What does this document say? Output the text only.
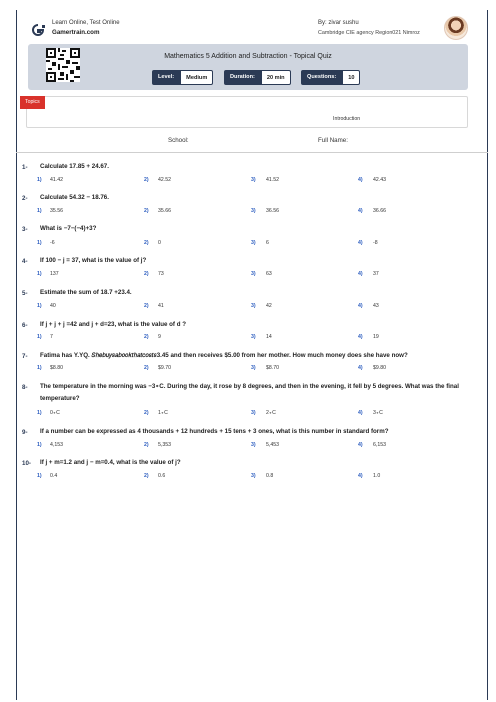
Learn Online, Test Online
Gamertrain.com
By: zivar sushu
Cambridge CIE agency Region021 Nimroz
Mathematics 5 Addition and Subtraction - Topical Quiz
Level:	Medium	Duration:	20 min	Questions:	10
Topics
Introduction
School:	Full Name:
1- Calculate 17.85 + 24.67.
1) 41.42	2) 42.52	3) 41.52	4) 42.43
2- Calculate 54.32 − 18.76.
1) 35.56	2) 35.66	3) 36.56	4) 36.66
3- What is −7−(−4)+3?
1) -6	2) 0	3) 6	4) -8
4- If 100 − j = 37, what is the value of j?
1) 137	2) 73	3) 63	4) 37
5- Estimate the sum of 18.7 +23.4.
1) 40	2) 41	3) 42	4) 43
6- If j + j + j =42 and j + d=23, what is the value of d ?
1) 7	2) 9	3) 14	4) 19
7- Fatima has Y.YQ. 𝑆ℎ𝑒𝑏𝑢𝑦𝑠𝑎𝑏𝑜𝑜𝑘𝑡ℎ𝑎𝑡𝑐𝑜𝑠𝑡𝑠3.45 and then receives $5.00 from her mother. How much money does she have now?
1) $8.80	2) $9.70	3) $8.70	4) $9.80
8- The temperature in the morning was −3∘C. During the day, it rose by 8 degrees, and then in the evening, it fell by 5 degrees. What was the final temperature?
1) 0∘C	2) 1∘C	3) 2∘C	4) 3∘C
9- If a number can be expressed as 4 thousands + 12 hundreds + 15 tens + 3 ones, what is this number in standard form?
1) 4,153	2) 5,353	3) 5,453	4) 6,153
10- If j + m=1.2 and j − m=0.4, what is the value of j?
1) 0.4	2) 0.6	3) 0.8	4) 1.0
